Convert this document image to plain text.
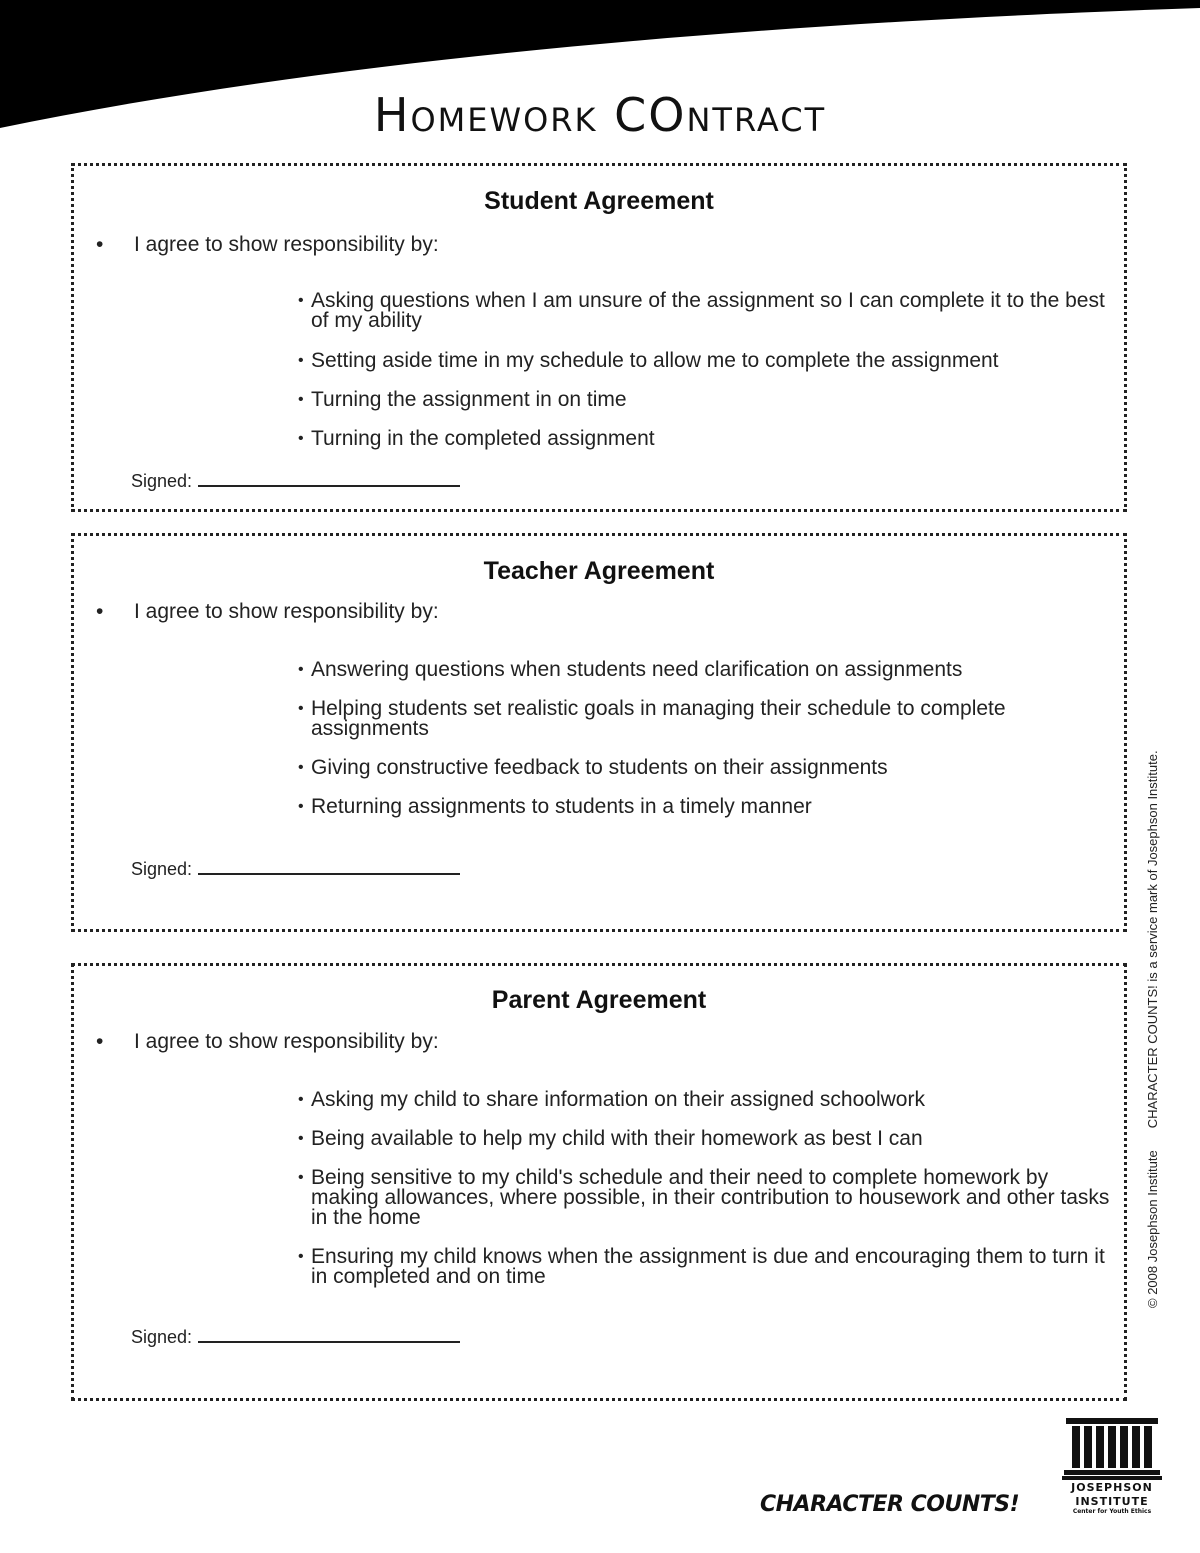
Homework COntract
Student Agreement
• I agree to show responsibility by:
• Asking questions when I am unsure of the assignment so I can complete it to the best of my ability
• Setting aside time in my schedule to allow me to complete the assignment
• Turning the assignment in on time
• Turning in the completed assignment
Signed:
Teacher Agreement
• I agree to show responsibility by:
• Answering questions when students need clarification on assignments
• Helping students set realistic goals in managing their schedule to complete assignments
• Giving constructive feedback to students on their assignments
• Returning assignments to students in a timely manner
Signed:
Parent Agreement
• I agree to show responsibility by:
• Asking my child to share information on their assigned schoolwork
• Being available to help my child with their homework as best I can
• Being sensitive to my child's schedule and their need to complete homework by making allowances, where possible, in their contribution to housework and other tasks in the home
• Ensuring my child knows when the assignment is due and encouraging them to turn it in completed and on time
Signed:
© 2008 Josephson InstituteCHARACTER COUNTS! is a service mark of Josephson Institute.
CHARACTER COUNTS!
JOSEPHSON
INSTITUTE
Center for Youth Ethics
